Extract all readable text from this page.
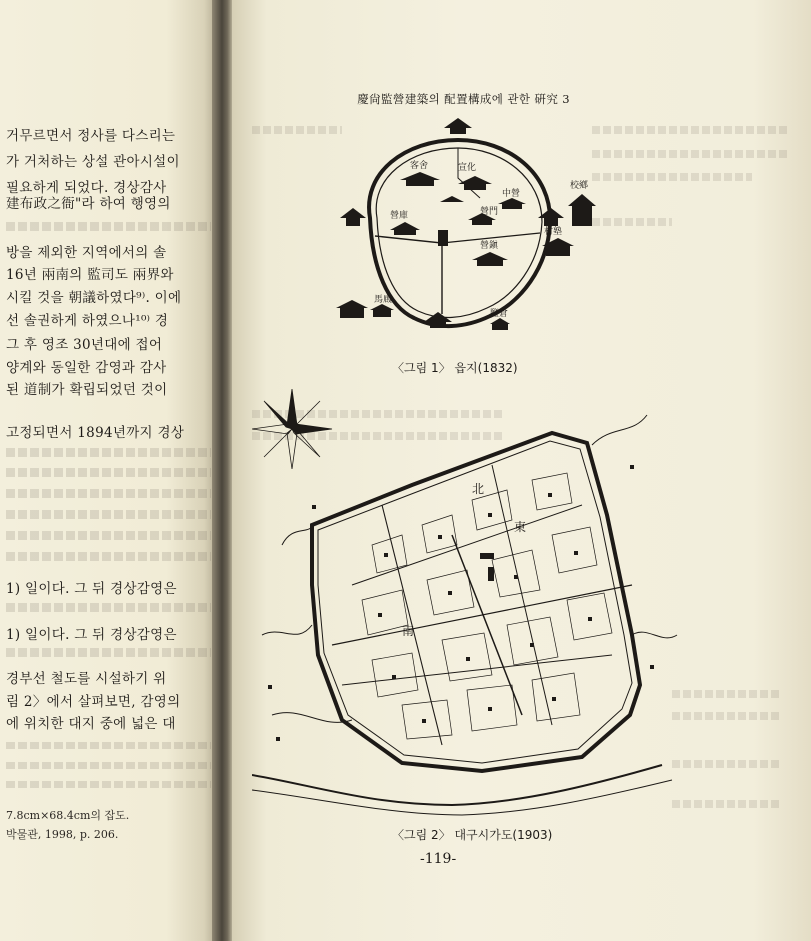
거무르면서 정사를 다스리는
가 거처하는 상설 관아시설이
필요하게 되었다. 경상감사
建布政之衙"라 하여 행영의
방을 제외한 지역에서의 솔
16년 兩南의 監司도 兩界와
시킬 것을 朝議하였다⁹⁾. 이에
선 솔권하게 하였으나¹⁰⁾ 경
그 후 영조 30년대에 접어
양계와 동일한 감영과 감사
된 道制가 확립되었던 것이
고정되면서 1894년까지 경상
1) 일이다. 그 뒤 경상감영은
1) 일이다. 그 뒤 경상감영은
경부선 철도를 시설하기 위
림 2〉에서 살펴보면, 감영의
에 위치한 대지 중에 넓은 대
7.8cm×68.4cm의 잡도.
박물관, 1998, p. 206.
慶尙監營建築의 配置構成에 관한 硏究 3
客舍	宣化
營門
營庫
中營
營鎭
校鄕
村塾
馬廄
鹽倉
〈그림 1〉 읍지(1832)
東
北
南
〈그림 2〉 대구시가도(1903)
-119-
